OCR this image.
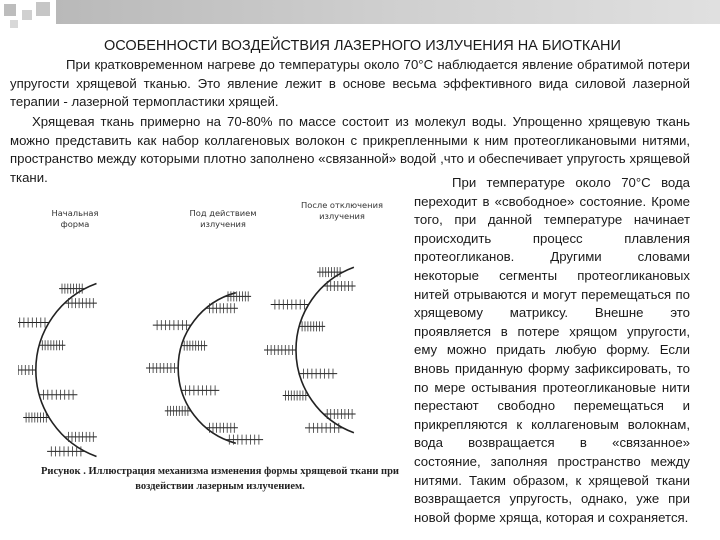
ОСОБЕННОСТИ ВОЗДЕЙСТВИЯ ЛАЗЕРНОГО ИЗЛУЧЕНИЯ НА БИОТКАНИ
При кратковременном нагреве до температуры около 70°С наблюдается явление обратимой потери упругости хрящевой тканью. Это явление лежит в основе весьма эффективного вида силовой лазерной терапии - лазерной термопластики хрящей.
Хрящевая ткань примерно на 70-80% по массе состоит из молекул воды. Упрощенно хрящевую ткань можно представить как набор коллагеновых волокон с прикрепленными к ним протеогликановыми нитями, пространство между которыми плотно заполнено «связанной» водой ,что и обеспечивает упругость хрящевой ткани.	При температуре около 70°С вода переходит в «свободное» состояние. Кроме того, при данной температуре начинает происходить процесс плавления протеогликанов. Другими словами некоторые сегменты протеогликановых нитей отрываются и могут перемещаться по хрящевому матриксу. Внешне это проявляется в потере хрящом упругости, ему можно придать любую форму. Если вновь приданную форму зафиксировать, то по мере остывания протеогликановые нити перестают свободно перемещаться и прикрепляются к коллагеновым волокнам, вода возвращается в «связанное» состояние, заполняя пространство между нитями. Таким образом, к хрящевой ткани возвращается упругость, однако, уже при новой форме хряща, которая и сохраняется.
Начальная форма
Под действием излучения
После отключения излучения
Рисунок . Иллюстрация механизма изменения формы хрящевой ткани при воздействии лазерным излучением.
